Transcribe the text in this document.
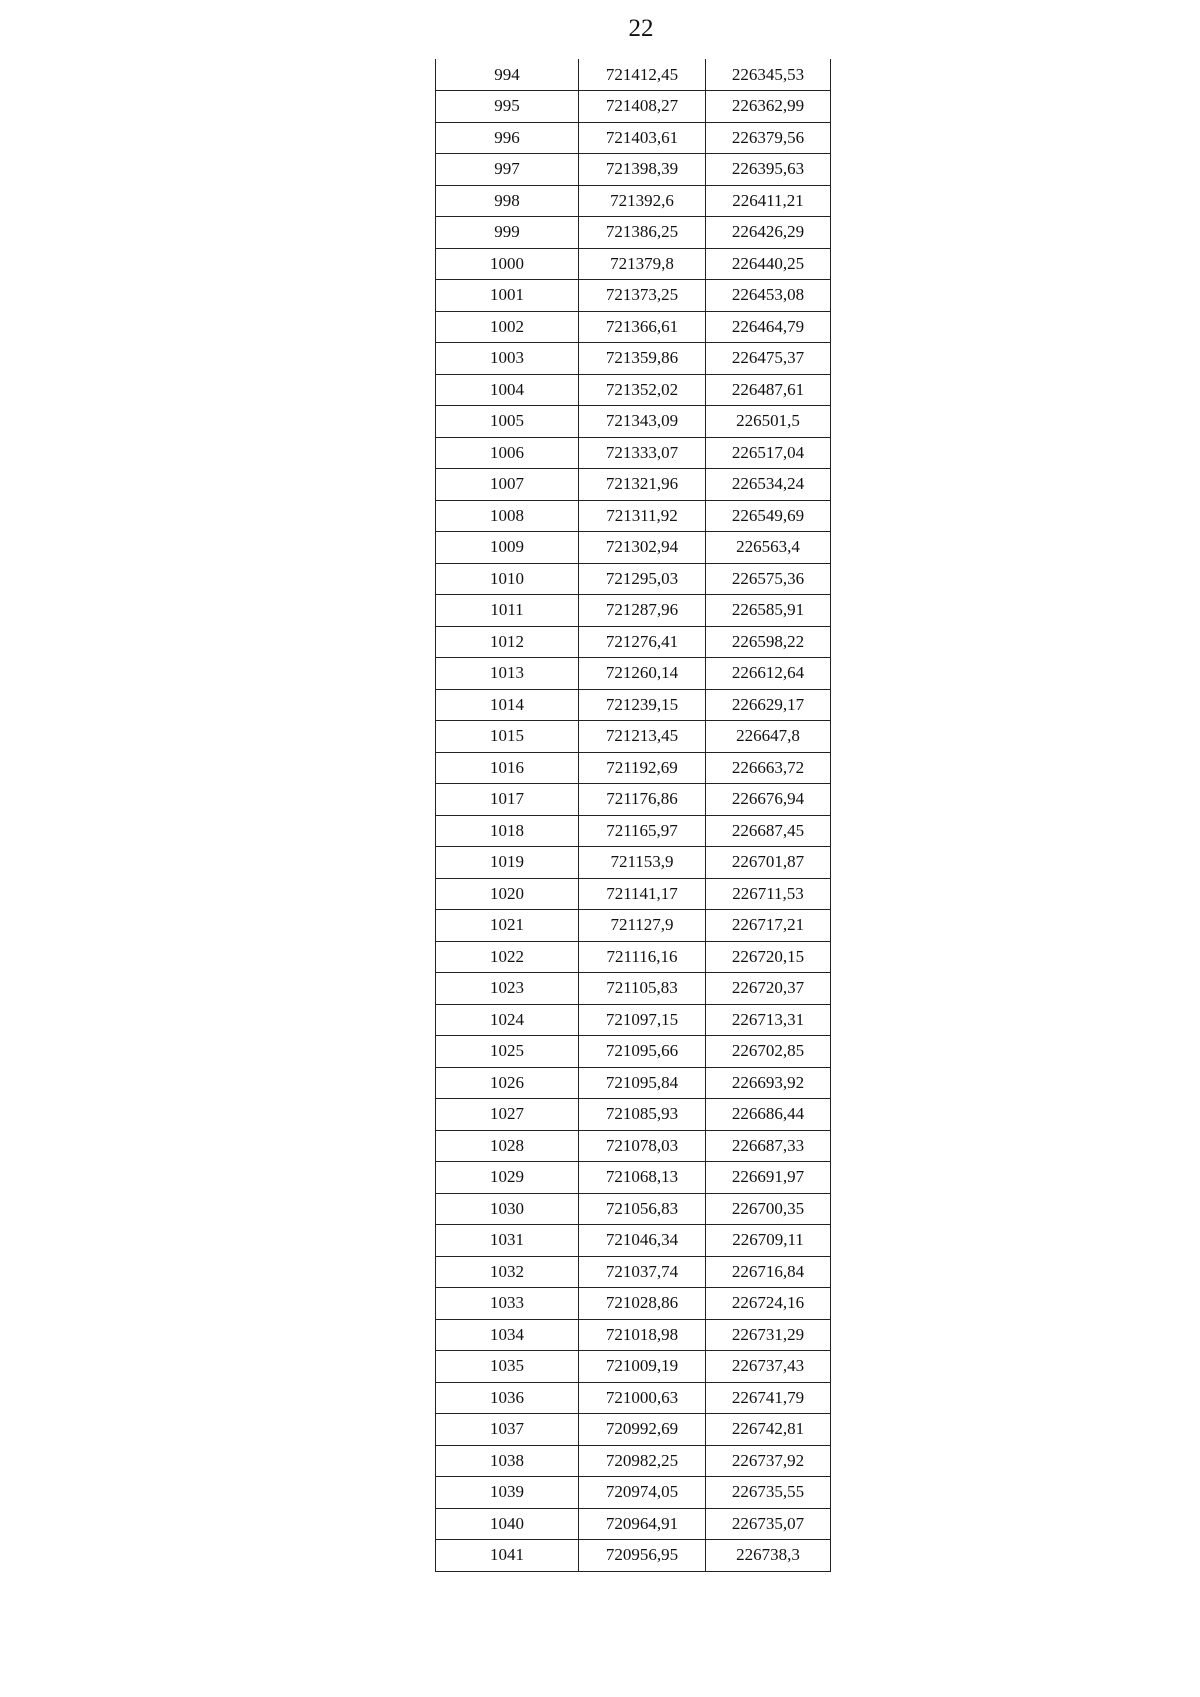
22
994	721412,45	226345,53
995	721408,27	226362,99
996	721403,61	226379,56
997	721398,39	226395,63
998	721392,6	226411,21
999	721386,25	226426,29
1000	721379,8	226440,25
1001	721373,25	226453,08
1002	721366,61	226464,79
1003	721359,86	226475,37
1004	721352,02	226487,61
1005	721343,09	226501,5
1006	721333,07	226517,04
1007	721321,96	226534,24
1008	721311,92	226549,69
1009	721302,94	226563,4
1010	721295,03	226575,36
1011	721287,96	226585,91
1012	721276,41	226598,22
1013	721260,14	226612,64
1014	721239,15	226629,17
1015	721213,45	226647,8
1016	721192,69	226663,72
1017	721176,86	226676,94
1018	721165,97	226687,45
1019	721153,9	226701,87
1020	721141,17	226711,53
1021	721127,9	226717,21
1022	721116,16	226720,15
1023	721105,83	226720,37
1024	721097,15	226713,31
1025	721095,66	226702,85
1026	721095,84	226693,92
1027	721085,93	226686,44
1028	721078,03	226687,33
1029	721068,13	226691,97
1030	721056,83	226700,35
1031	721046,34	226709,11
1032	721037,74	226716,84
1033	721028,86	226724,16
1034	721018,98	226731,29
1035	721009,19	226737,43
1036	721000,63	226741,79
1037	720992,69	226742,81
1038	720982,25	226737,92
1039	720974,05	226735,55
1040	720964,91	226735,07
1041	720956,95	226738,3
